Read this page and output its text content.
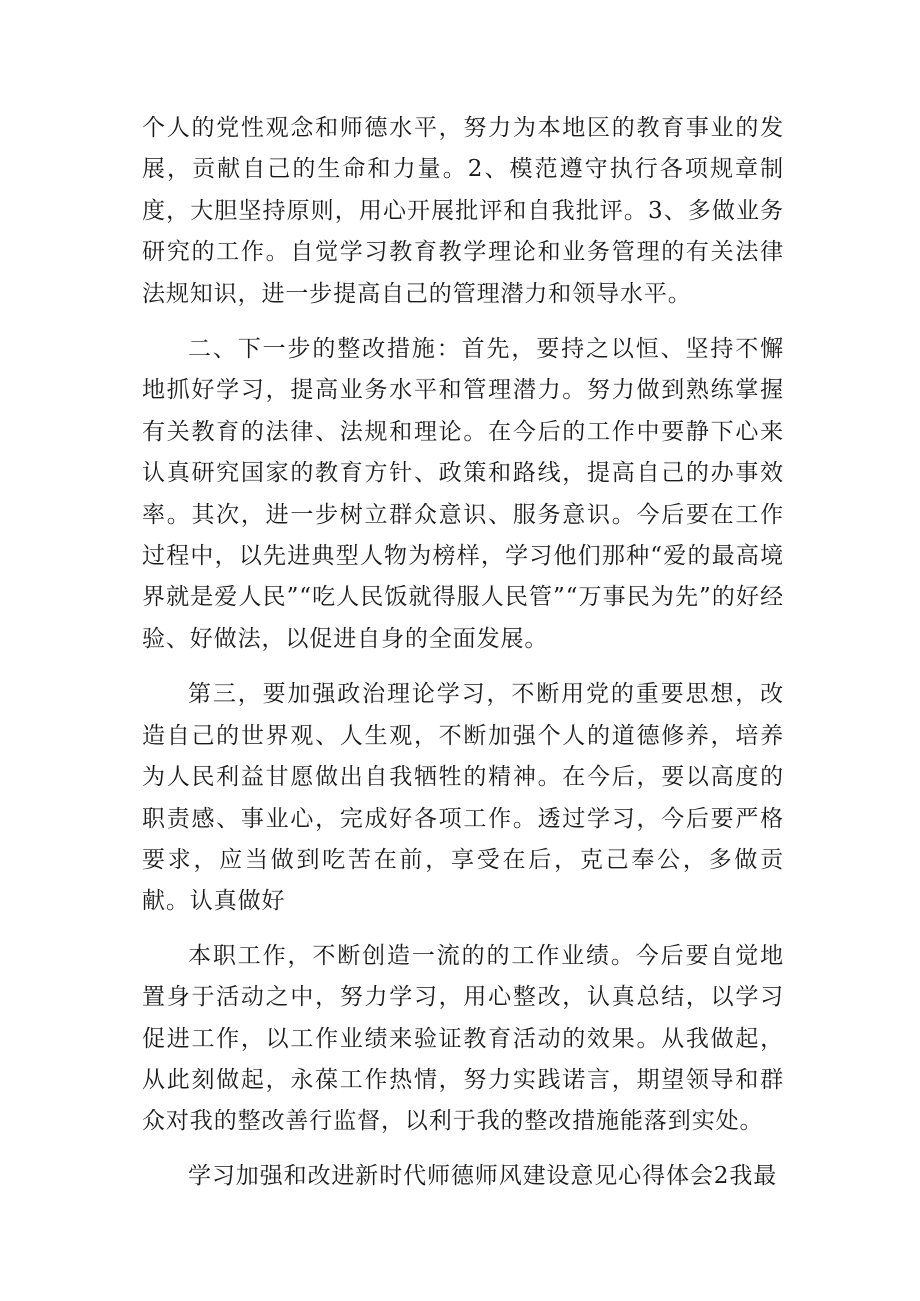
个人的党性观念和师德水平，努力为本地区的教育事业的发展，贡献自己的生命和力量。2、模范遵守执行各项规章制度，大胆坚持原则，用心开展批评和自我批评。3、多做业务研究的工作。自觉学习教育教学理论和业务管理的有关法律法规知识，进一步提高自己的管理潜力和领导水平。

二、下一步的整改措施：首先，要持之以恒、坚持不懈地抓好学习，提高业务水平和管理潜力。努力做到熟练掌握有关教育的法律、法规和理论。在今后的工作中要静下心来认真研究国家的教育方针、政策和路线，提高自己的办事效率。其次，进一步树立群众意识、服务意识。今后要在工作过程中，以先进典型人物为榜样，学习他们那种“爱的最高境界就是爱人民”“吃人民饭就得服人民管”“万事民为先”的好经验、好做法，以促进自身的全面发展。

第三，要加强政治理论学习，不断用党的重要思想，改造自己的世界观、人生观，不断加强个人的道德修养，培养为人民利益甘愿做出自我牺牲的精神。在今后，要以高度的职责感、事业心，完成好各项工作。透过学习，今后要严格要求，应当做到吃苦在前，享受在后，克己奉公，多做贡献。认真做好

本职工作，不断创造一流的的工作业绩。今后要自觉地置身于活动之中，努力学习，用心整改，认真总结，以学习促进工作，以工作业绩来验证教育活动的效果。从我做起，从此刻做起，永葆工作热情，努力实践诺言，期望领导和群众对我的整改善行监督，以利于我的整改措施能落到实处。

学习加强和改进新时代师德师风建设意见心得体会2我最
